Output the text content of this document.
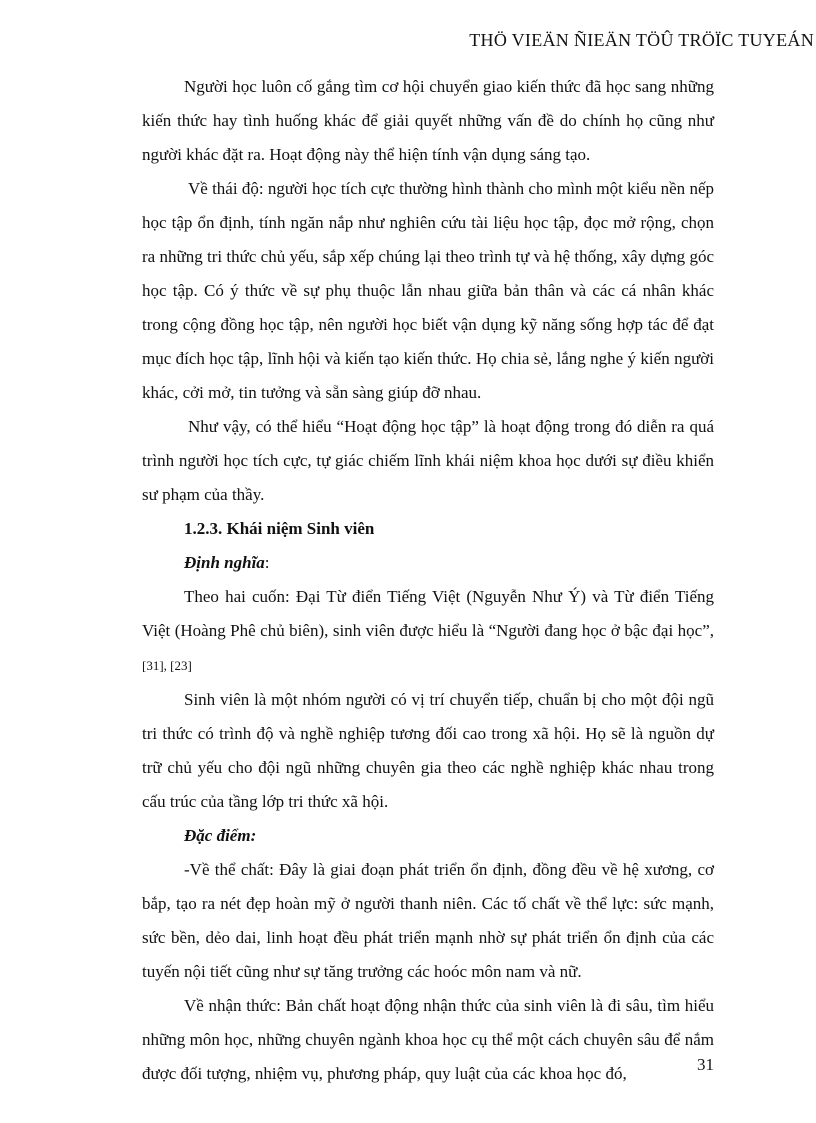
THÖ VIEÄN ÑIEÄN TÖÛ TRÖÏC TUYEÁN

Người học luôn cố gắng tìm cơ hội chuyển giao kiến thức đã học sang những kiến thức hay tình huống khác để giải quyết những vấn đề do chính họ cũng như người khác đặt ra. Hoạt động này thể hiện tính vận dụng sáng tạo.

Về thái độ: người học tích cực thường hình thành cho mình một kiểu nền nếp học tập ổn định, tính ngăn nắp như nghiên cứu tài liệu học tập, đọc mở rộng, chọn ra những tri thức chủ yếu, sắp xếp chúng lại theo trình tự và hệ thống, xây dựng góc học tập. Có ý thức về sự phụ thuộc lẫn nhau giữa bản thân và các cá nhân khác trong cộng đồng học tập, nên người học biết vận dụng kỹ năng sống hợp tác để đạt mục đích học tập, lĩnh hội và kiến tạo kiến thức. Họ chia sẻ, lắng nghe ý kiến người khác, cởi mở, tin tưởng và sẵn sàng giúp đỡ nhau.

Như vậy, có thể hiểu “Hoạt động học tập” là hoạt động trong đó diễn ra quá trình người học tích cực, tự giác chiếm lĩnh khái niệm khoa học dưới sự điều khiển sư phạm của thầy.

1.2.3. Khái niệm Sinh viên

Định nghĩa:

Theo hai cuốn: Đại Từ điển Tiếng Việt (Nguyễn Như Ý) và Từ điển Tiếng Việt (Hoàng Phê chủ biên), sinh viên được hiểu là “Người đang học ở bậc đại học”, [31], [23]

Sinh viên là một nhóm người có vị trí chuyển tiếp, chuẩn bị cho một đội ngũ tri thức có trình độ và nghề nghiệp tương đối cao trong xã hội. Họ sẽ là nguồn dự trữ chủ yếu cho đội ngũ những chuyên gia theo các nghề nghiệp khác nhau trong cấu trúc của tầng lớp tri thức xã hội.

Đặc điểm:

-Về thể chất: Đây là giai đoạn phát triển ổn định, đồng đều về hệ xương, cơ bắp, tạo ra nét đẹp hoàn mỹ ở người thanh niên. Các tố chất về thể lực: sức mạnh, sức bền, dẻo dai, linh hoạt đều phát triển mạnh nhờ sự phát triển ổn định của các tuyến nội tiết cũng như sự tăng trưởng các hoóc môn nam và nữ.

Về nhận thức: Bản chất hoạt động nhận thức của sinh viên là đi sâu, tìm hiểu những môn học, những chuyên ngành khoa học cụ thể một cách chuyên sâu để nắm được đối tượng, nhiệm vụ, phương pháp, quy luật của các khoa học đó,	31
